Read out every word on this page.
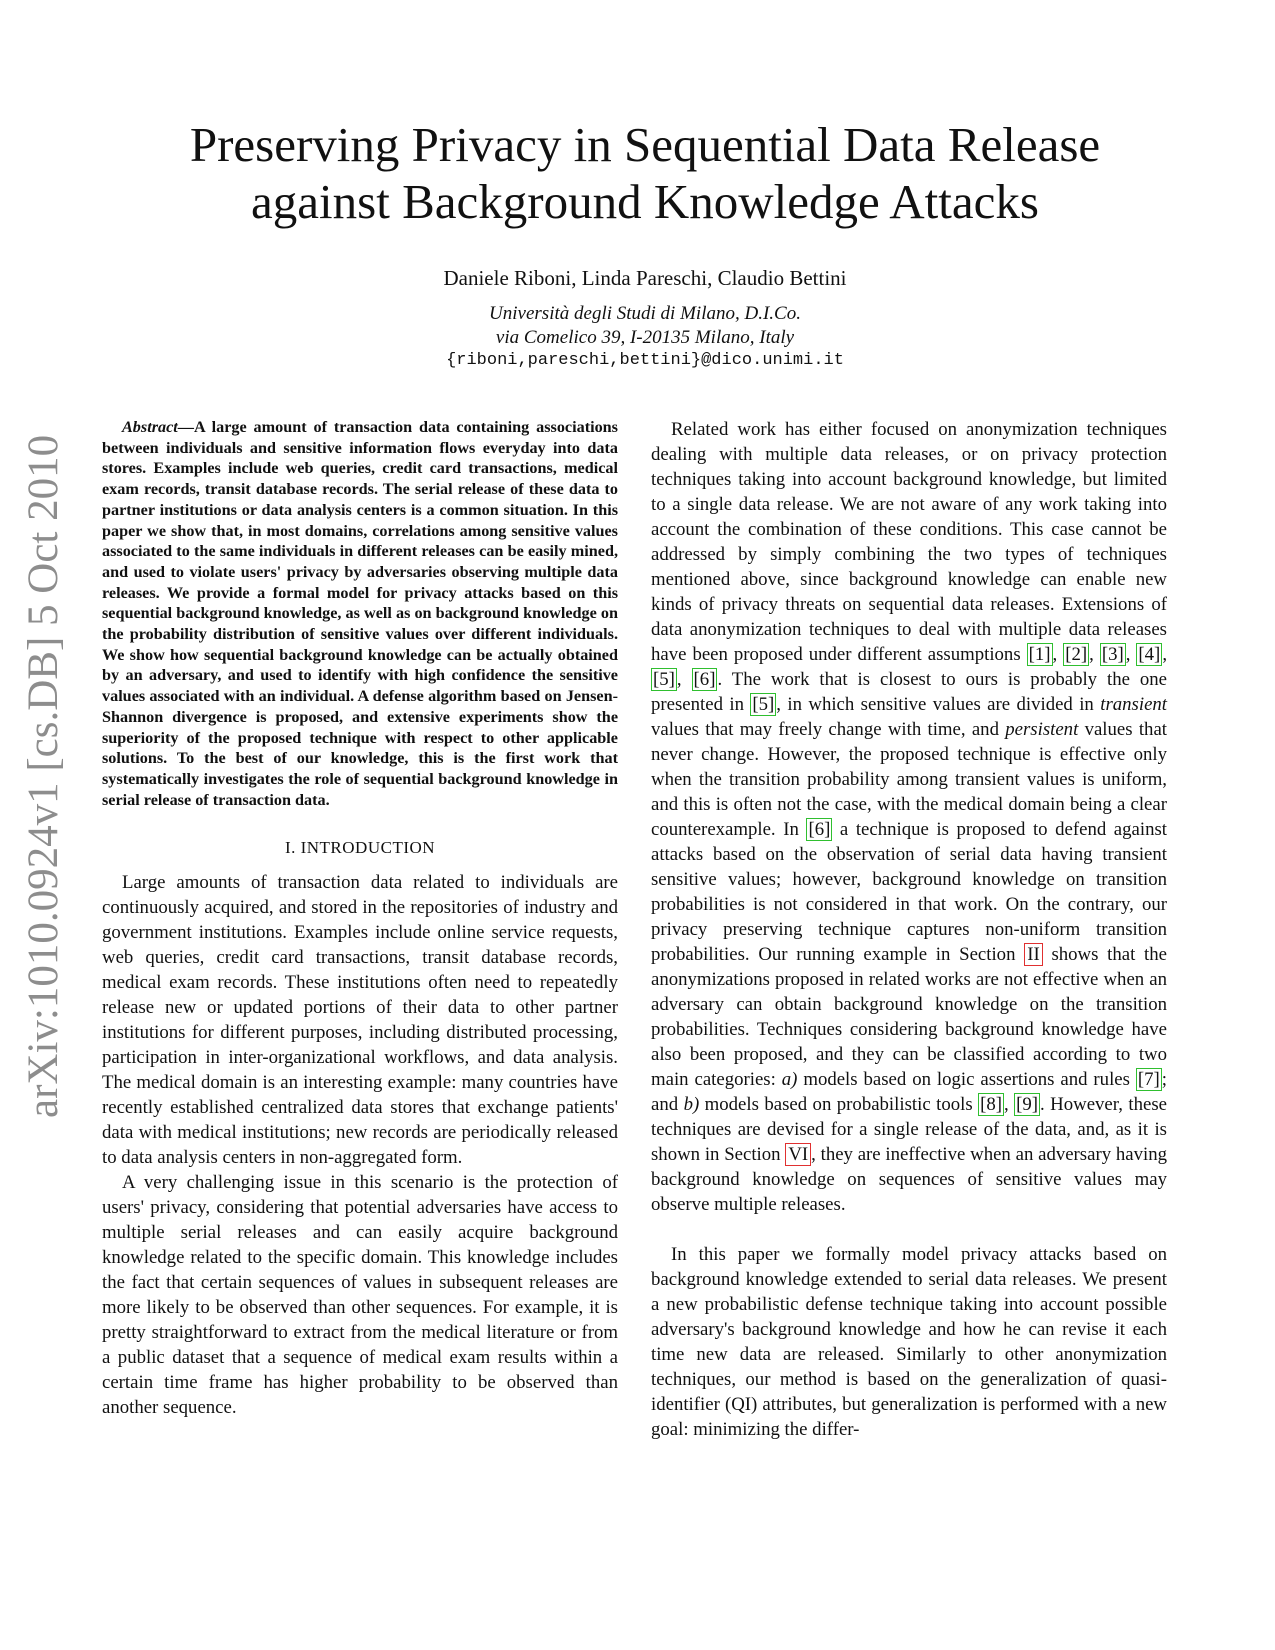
arXiv:1010.0924v1 [cs.DB] 5 Oct 2010
Preserving Privacy in Sequential Data Release
against Background Knowledge Attacks
Daniele Riboni, Linda Pareschi, Claudio Bettini
Università degli Studi di Milano, D.I.Co.
via Comelico 39, I-20135 Milano, Italy
{riboni,pareschi,bettini}@dico.unimi.it

Abstract—A large amount of transaction data containing associations between individuals and sensitive information flows everyday into data stores. Examples include web queries, credit card transactions, medical exam records, transit database records. The serial release of these data to partner institutions or data analysis centers is a common situation. In this paper we show that, in most domains, correlations among sensitive values associated to the same individuals in different releases can be easily mined, and used to violate users' privacy by adversaries observing multiple data releases. We provide a formal model for privacy attacks based on this sequential background knowledge, as well as on background knowledge on the probability distribution of sensitive values over different individuals. We show how sequential background knowledge can be actually obtained by an adversary, and used to identify with high confidence the sensitive values associated with an individual. A defense algorithm based on Jensen-Shannon divergence is proposed, and extensive experiments show the superiority of the proposed technique with respect to other applicable solutions. To the best of our knowledge, this is the first work that systematically investigates the role of sequential background knowledge in serial release of transaction data.

I. INTRODUCTION

Large amounts of transaction data related to individuals are continuously acquired, and stored in the repositories of industry and government institutions. Examples include online service requests, web queries, credit card transactions, transit database records, medical exam records. These institutions often need to repeatedly release new or updated portions of their data to other partner institutions for different purposes, including distributed processing, participation in inter-organizational workflows, and data analysis. The medical domain is an interesting example: many countries have recently established centralized data stores that exchange patients' data with medical institutions; new records are periodically released to data analysis centers in non-aggregated form.

A very challenging issue in this scenario is the protection of users' privacy, considering that potential adversaries have access to multiple serial releases and can easily acquire background knowledge related to the specific domain. This knowledge includes the fact that certain sequences of values in subsequent releases are more likely to be observed than other sequences. For example, it is pretty straightforward to extract from the medical literature or from a public dataset that a sequence of medical exam results within a certain time frame has higher probability to be observed than another sequence.

Related work has either focused on anonymization techniques dealing with multiple data releases, or on privacy protection techniques taking into account background knowledge, but limited to a single data release. We are not aware of any work taking into account the combination of these conditions. This case cannot be addressed by simply combining the two types of techniques mentioned above, since background knowledge can enable new kinds of privacy threats on sequential data releases. Extensions of data anonymization techniques to deal with multiple data releases have been proposed under different assumptions [1] , [2] , [3] , [4] , [5] , [6] . The work that is closest to ours is probably the one presented in [5] , in which sensitive values are divided in transient values that may freely change with time, and persistent values that never change. However, the proposed technique is effective only when the transition probability among transient values is uniform, and this is often not the case, with the medical domain being a clear counterexample. In [6] a technique is proposed to defend against attacks based on the observation of serial data having transient sensitive values; however, background knowledge on transition probabilities is not considered in that work. On the contrary, our privacy preserving technique captures non-uniform transition probabilities. Our running example in Section II shows that the anonymizations proposed in related works are not effective when an adversary can obtain background knowledge on the transition probabilities. Techniques considering background knowledge have also been proposed, and they can be classified according to two main categories: a) models based on logic assertions and rules [7] ; and b) models based on probabilistic tools [8] , [9] . However, these techniques are devised for a single release of the data, and, as it is shown in Section VI , they are ineffective when an adversary having background knowledge on sequences of sensitive values may observe multiple releases.

In this paper we formally model privacy attacks based on background knowledge extended to serial data releases. We present a new probabilistic defense technique taking into account possible adversary's background knowledge and how he can revise it each time new data are released. Similarly to other anonymization techniques, our method is based on the generalization of quasi-identifier (QI) attributes, but generalization is performed with a new goal: minimizing the differ-
